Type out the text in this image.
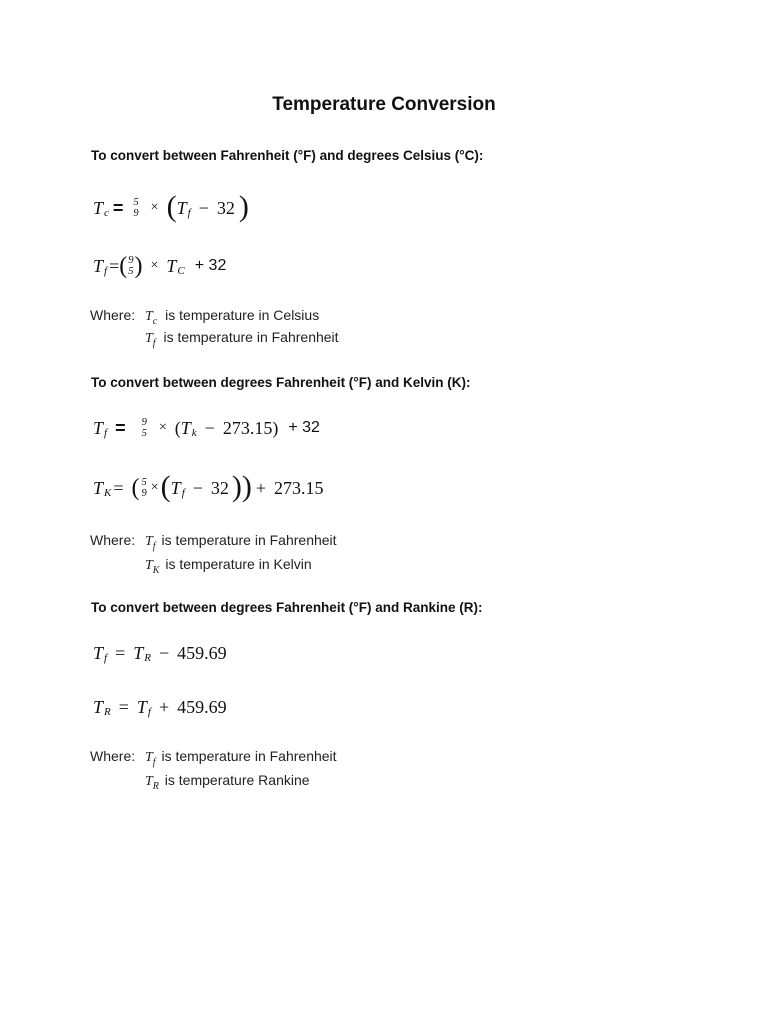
Temperature Conversion
To convert between Fahrenheit (°F) and degrees Celsius (°C):
T c = 5
9 × ( T f − 32 )
T f = ( 9
5 ) × T C + 32
Where: $T_c$ is temperature in Celsius
$T_f$ is temperature in Fahrenheit
To convert between degrees Fahrenheit (°F) and Kelvin (K):
T f = 9
5 × ( T k − 273.15 ) + 32
T K = ( 5
9 × ( T f − 32 )) + 273.15
Where: $T_f$ is temperature in Fahrenheit
$T_K$ is temperature in Kelvin
To convert between degrees Fahrenheit (°F) and Rankine (R):
T f = T R − 459.69
T R = T f + 459.69
Where: $T_f$ is temperature in Fahrenheit
$T_R$ is temperature Rankine
